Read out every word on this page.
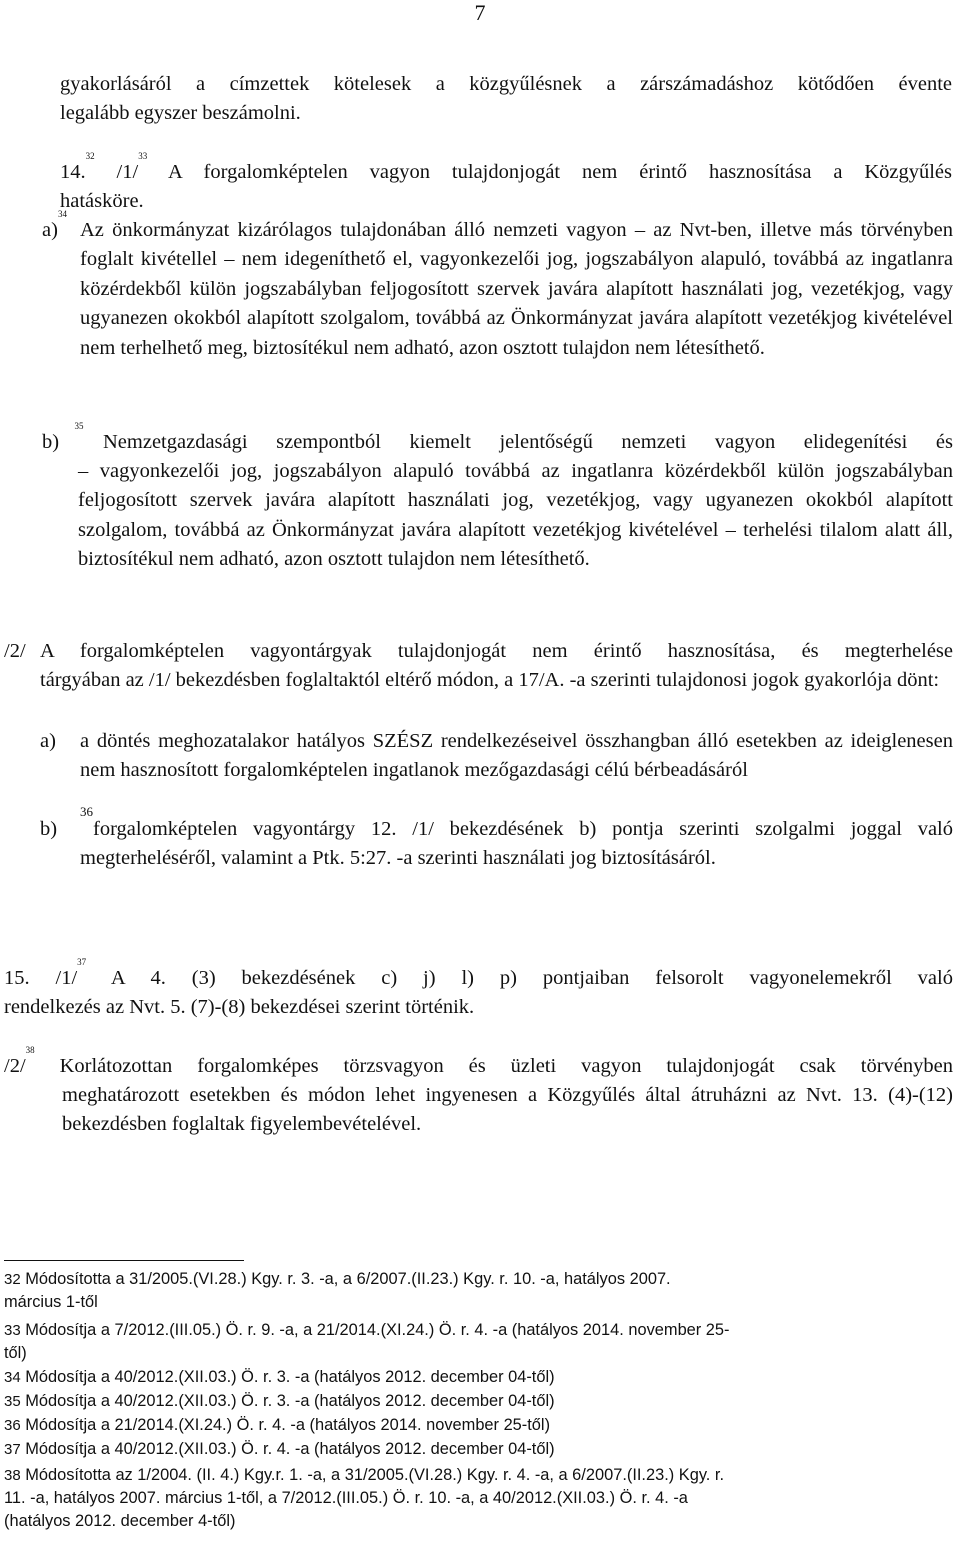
7
gyakorlásáról a címzettek kötelesek a közgyűlésnek a zárszámadáshoz kötődően évente
legalább egyszer beszámolni.
14.32 /1/$^{33}$ A forgalomképtelen vagyon tulajdonjogát nem érintő hasznosítása a Közgyűlés
hatásköre.
a)$^{34}$
Az önkormányzat kizárólagos tulajdonában álló nemzeti vagyon – az Nvt-ben, illetve más törvényben foglalt kivétellel – nem idegeníthető el, vagyonkezelői jog, jogszabályon alapuló, továbbá az ingatlanra közérdekből külön jogszabályban feljogosított szervek javára alapított használati jog, vezetékjog, vagy ugyanezen okokból alapított szolgalom, továbbá az Önkormányzat javára alapított vezetékjog kivételével nem terhelhető meg, biztosítékul nem adható, azon osztott tulajdon nem létesíthető.
b)   $^{35}$
Nemzetgazdasági szempontból kiemelt jelentőségű nemzeti vagyon elidegenítési és
– vagyonkezelői jog, jogszabályon alapuló továbbá az ingatlanra közérdekből külön jogszabályban feljogosított szervek javára alapított használati jog, vezetékjog, vagy ugyanezen okokból alapított szolgalom, továbbá az Önkormányzat javára alapított vezetékjog kivételével – terhelési tilalom alatt áll, biztosítékul nem adható, azon osztott tulajdon nem létesíthető.
/2/ A forgalomképtelen vagyontárgyak tulajdonjogát nem érintő hasznosítása, és megterhelése
tárgyában az /1/ bekezdésben foglaltaktól eltérő módon, a 17/A. -a szerinti tulajdonosi jogok gyakorlója dönt:
a) a döntés meghozatalakor hatályos SZÉSZ rendelkezéseivel összhangban álló esetekben az ideiglenesen nem hasznosított forgalomképtelen ingatlanok mezőgazdasági célú bérbeadásáról
b)
$^{36}$forgalomképtelen vagyontárgy 12. /1/ bekezdésének b) pontja szerinti szolgalmi joggal való megterheléséről, valamint a Ptk. 5:27. -a szerinti használati jog biztosításáról.
15. /1/$^{37}$ A 4. (3) bekezdésének c) j) l) p) pontjaiban felsorolt vagyonelemekről való
rendelkezés az Nvt. 5. (7)-(8) bekezdései szerint történik.
/2/$^{38}$ Korlátozottan forgalomképes törzsvagyon és üzleti vagyon tulajdonjogát csak törvényben
meghatározott esetekben és módon lehet ingyenesen a Közgyűlés által átruházni az Nvt. 13. (4)-(12) bekezdésben foglaltak figyelembevételével.
32 Módosította a 31/2005.(VI.28.) Kgy. r. 3. -a, a 6/2007.(II.23.) Kgy. r. 10. -a, hatályos 2007.
március 1-től
33 Módosítja a 7/2012.(III.05.) Ö. r. 9. -a, a 21/2014.(XI.24.) Ö. r. 4. -a (hatályos 2014. november 25-
től)
34 Módosítja a 40/2012.(XII.03.) Ö. r. 3. -a (hatályos 2012. december 04-től)
35 Módosítja a 40/2012.(XII.03.) Ö. r. 3. -a (hatályos 2012. december 04-től)
36 Módosítja a 21/2014.(XI.24.) Ö. r. 4. -a (hatályos 2014. november 25-től)
37 Módosítja a 40/2012.(XII.03.) Ö. r. 4. -a (hatályos 2012. december 04-től)
38 Módosította az 1/2004. (II. 4.) Kgy.r. 1. -a, a 31/2005.(VI.28.) Kgy. r. 4. -a, a 6/2007.(II.23.) Kgy. r.
11. -a, hatályos 2007. március 1-től, a 7/2012.(III.05.) Ö. r. 10. -a, a 40/2012.(XII.03.) Ö. r. 4. -a
(hatályos 2012. december 4-től)
